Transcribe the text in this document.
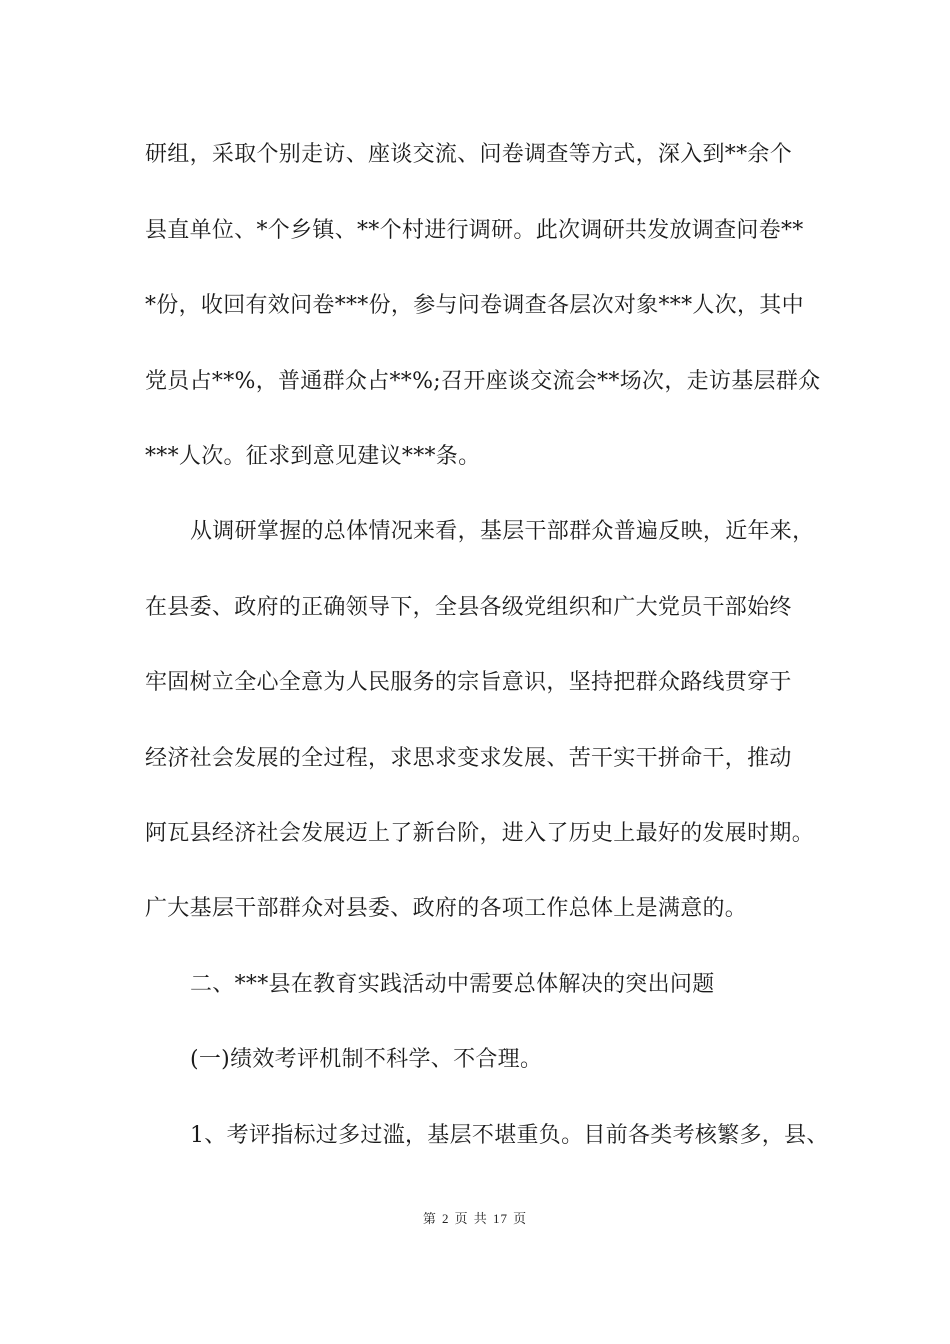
研组，采取个别走访、座谈交流、问卷调查等方式，深入到**余个
县直单位、*个乡镇、**个村进行调研。此次调研共发放调查问卷**
*份，收回有效问卷***份，参与问卷调查各层次对象***人次，其中
党员占**%，普通群众占**%;召开座谈交流会**场次，走访基层群众
***人次。征求到意见建议***条。
从调研掌握的总体情况来看，基层干部群众普遍反映，近年来，
在县委、政府的正确领导下，全县各级党组织和广大党员干部始终
牢固树立全心全意为人民服务的宗旨意识，坚持把群众路线贯穿于
经济社会发展的全过程，求思求变求发展、苦干实干拼命干，推动
阿瓦县经济社会发展迈上了新台阶，进入了历史上最好的发展时期。
广大基层干部群众对县委、政府的各项工作总体上是满意的。
二、***县在教育实践活动中需要总体解决的突出问题
(一)绩效考评机制不科学、不合理。
1、考评指标过多过滥，基层不堪重负。目前各类考核繁多，县、
第 2 页 共 17 页
